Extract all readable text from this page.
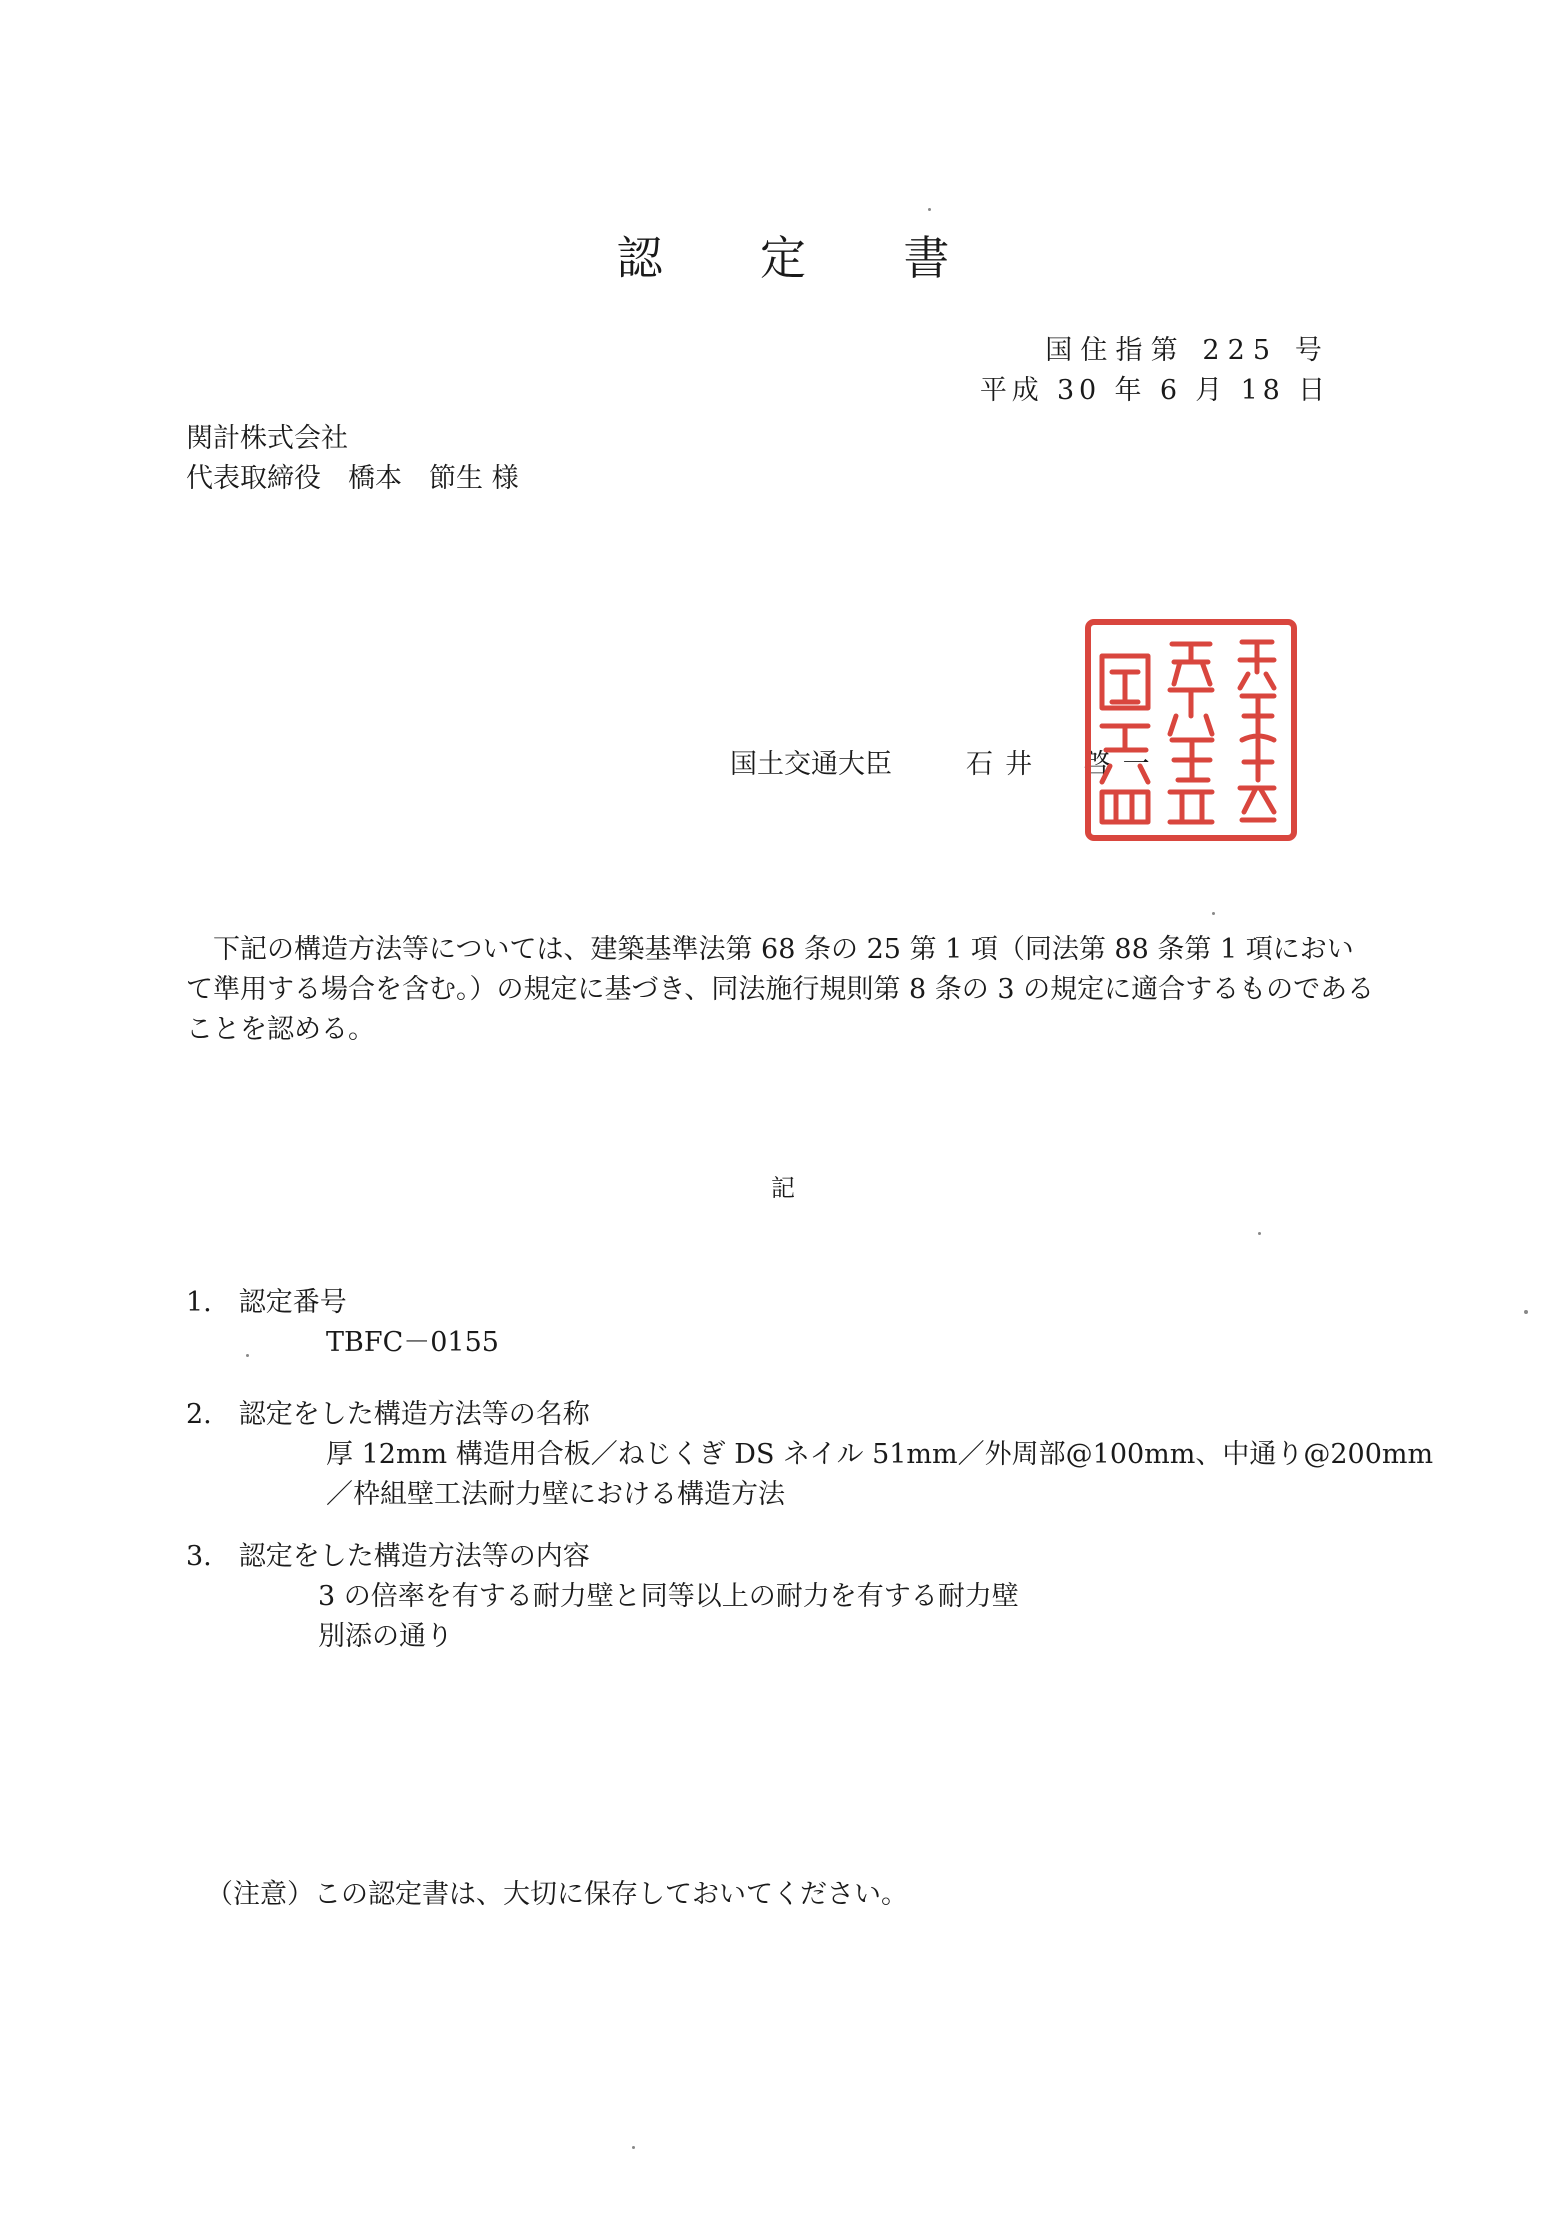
認 定 書
国住指第 225 号
平成 30 年 6 月 18 日
関計株式会社
代表取締役　橋本　節生 様
国土交通大臣	石井　啓一
下記の構造方法等については、建築基準法第 68 条の 25 第 1 項（同法第 88 条第 1 項において準用する場合を含む。）の規定に基づき、同法施行規則第 8 条の 3 の規定に適合するものであることを認める。
記
1.　認定番号
TBFC－0155
2.　認定をした構造方法等の名称
厚 12mm 構造用合板／ねじくぎ DS ネイル 51mm／外周部@100mm、中通り@200mm
／枠組壁工法耐力壁における構造方法
3.　認定をした構造方法等の内容
3 の倍率を有する耐力壁と同等以上の耐力を有する耐力壁
別添の通り
（注意）この認定書は、大切に保存しておいてください。
